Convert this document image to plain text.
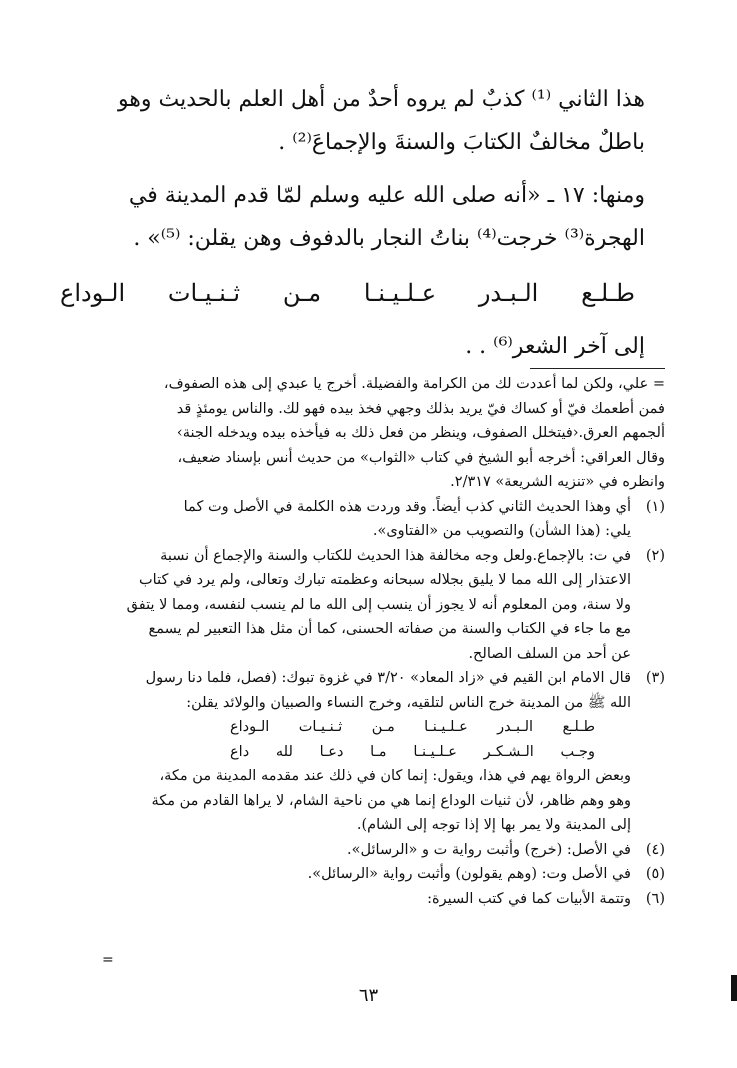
هذا الثاني ⁽¹⁾ كذبٌ لم يروه أحدٌ من أهل العلم بالحديث وهو

باطلٌ مخالفٌ الكتابَ والسنةَ والإجماعَ⁽²⁾ .

ومنها: ١٧ ـ «أنه صلى الله عليه وسلم لمّا قدم المدينة في

الهجرة⁽³⁾ خرجت⁽⁴⁾ بناتُ النجار بالدفوف وهن يقلن: ⁽⁵⁾» .

طـلـع
الـبـدر
عـلـيـنـا
مـن
ثـنـيـات
الـوداع

إلى آخر الشعر⁽⁶⁾ . .

= علي، ولكن لما أعددت لك من الكرامة والفضيلة. أخرج يا عبدي إلى هذه الصفوف،

فمن أطعمك فيّ أو كساك فيّ يريد بذلك وجهي فخذ بيده فهو لك. والناس يومئذٍ قد

ألجمهم العرق.‹فيتخلل الصفوف، وينظر من فعل ذلك به فيأخذه بيده ويدخله الجنة›

وقال العراقي: أخرجه أبو الشيخ في كتاب «الثواب» من حديث أنس بإسناد ضعيف،

وانظره في «تنزيه الشريعة» ٢/٣١٧.

(١)
أي وهذا الحديث الثاني كذب أيضاً. وقد وردت هذه الكلمة في الأصل وت كما

يلي: (هذا الشأن) والتصويب من «الفتاوى».

(٢)
في ت: بالإجماع.ولعل وجه مخالفة هذا الحديث للكتاب والسنة والإجماع أن نسبة

الاعتذار إلى الله مما لا يليق بجلاله سبحانه وعظمته تبارك وتعالى، ولم يرد في كتاب

ولا سنة، ومن المعلوم أنه لا يجوز أن ينسب إلى الله ما لم ينسب لنفسه، ومما لا يتفق

مع ما جاء في الكتاب والسنة من صفاته الحسنى، كما أن مثل هذا التعبير لم يسمع

عن أحد من السلف الصالح.

(٣)
قال الامام ابن القيم في «زاد المعاد» ٣/٢٠ في غزوة تبوك: (فصل، فلما دنا رسول

الله ﷺ من المدينة خرج الناس لتلقيه، وخرج النساء والصبيان والولائد يقلن:

طـلـع
الـبـدر
عـلـيـنـا
مـن
ثـنـيـات
الـوداع
وجـب
الـشـكـر
عـلـيـنـا
مـا
دعـا
لله
داع

وبعض الرواة يهم في هذا، ويقول: إنما كان في ذلك عند مقدمه المدينة من مكة،

وهو وهم ظاهر، لأن ثنيات الوداع إنما هي من ناحية الشام، لا يراها القادم من مكة

إلى المدينة ولا يمر بها إلا إذا توجه إلى الشام).

(٤)
في الأصل: (خرج) وأثبت رواية ت و «الرسائل».
(٥)
في الأصل وت: (وهم يقولون) وأثبت رواية «الرسائل».
(٦)
وتتمة الأبيات كما في كتب السيرة:
=
٦٣
